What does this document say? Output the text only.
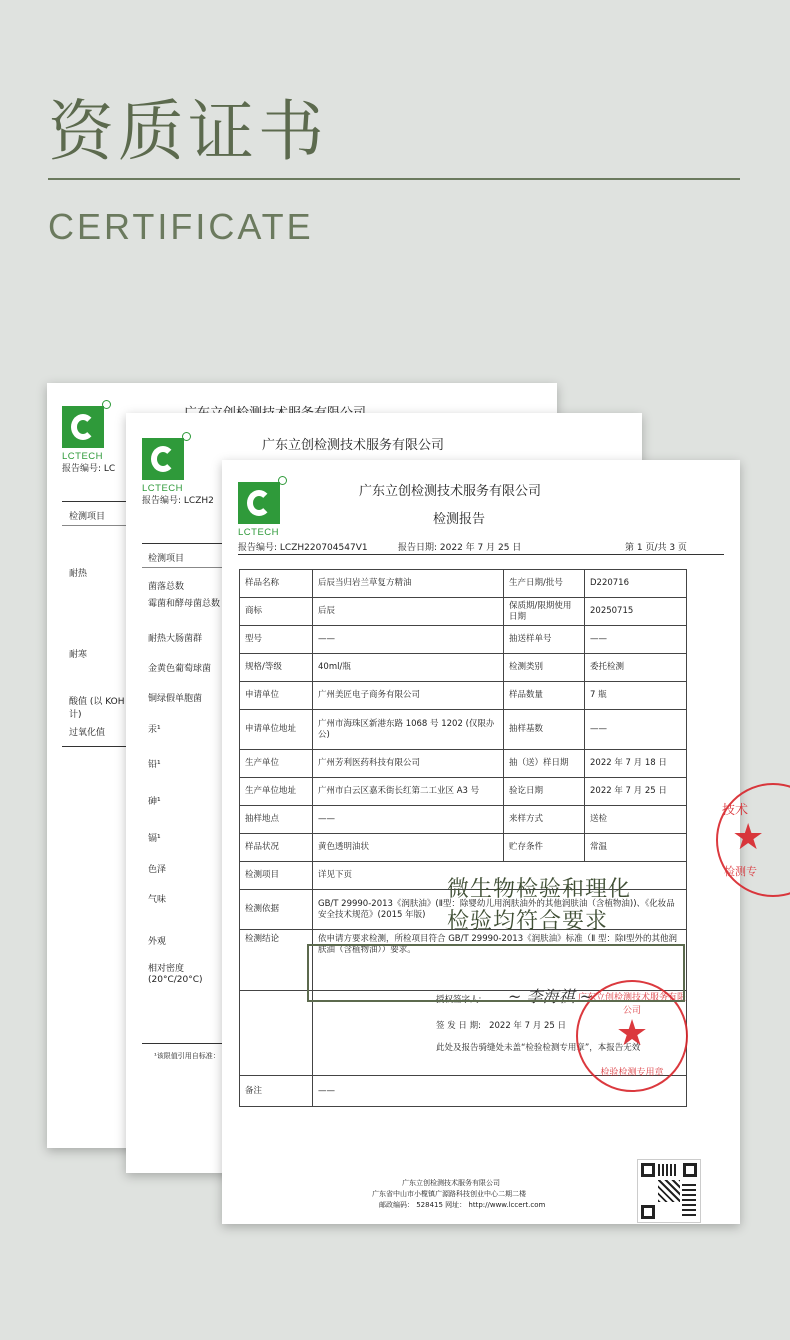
资质证书
CERTIFICATE
LCTECH
报告编号: LC
检测项目
耐热
耐寒
酸值 (以 KOH 计)
过氧化值
LCTECH
广东立创检测技术服务有限公司
报告编号: LCZH2
检测项目
菌落总数
霉菌和酵母菌总数
耐热大肠菌群
金黄色葡萄球菌
铜绿假单胞菌
汞¹
铅¹
砷¹
镉¹
色泽
气味
外观
相对密度(20°C/20°C)
¹该限值引用自标准：
LCTECH
广东立创检测技术服务有限公司
检测报告
报告编号: LCZH220704547V1	报告日期: 2022 年 7 月 25 日	第 1 页/共 3 页
样品名称	后辰当归岩兰草复方精油	生产日期/批号	D220716
商标	后辰	保质期/限期使用日期	20250715
型号	——	抽送样单号	——
规格/等级	40ml/瓶	检测类别	委托检测
申请单位	广州美匠电子商务有限公司	样品数量	7 瓶
申请单位地址	广州市海珠区新港东路 1068 号 1202 (仅限办公)	抽样基数	——
生产单位	广州芳利医药科技有限公司	抽（送）样日期	2022 年 7 月 18 日
生产单位地址	广州市白云区嘉禾街长红第二工业区 A3 号	验讫日期	2022 年 7 月 25 日
抽样地点	——	来样方式	送检
样品状况	黄色透明油状	贮存条件	常温
检测项目	详见下页		
检测依据	GB/T 29990-2013《润肤油》(Ⅱ型：除婴幼儿用润肤油外的其他润肤油（含植物油))、《化妆品安全技术规范》(2015 年版)		
检测结论	依申请方要求检测，所检项目符合 GB/T 29990-2013《润肤油》标准（Ⅱ 型：除Ⅰ型外的其他润肤油（含植物油））要求。		

	授权签字人: ~ 李海祺 ~
签 发 日 期: 2022 年 7 月 25 日
此处及报告骑缝处未盖“检验检测专用章”，本报告无效		

备注	——		
广东立创检测技术服务有限公司
★
检验检测专用章
广东立创检测技术服务有限公司
广东省中山市小榄镇广源路科技创业中心二期二楼
邮政编码： 528415 网址： http://www.lccert.com
技术
★
检测专
微生物检验和理化
检验均符合要求
